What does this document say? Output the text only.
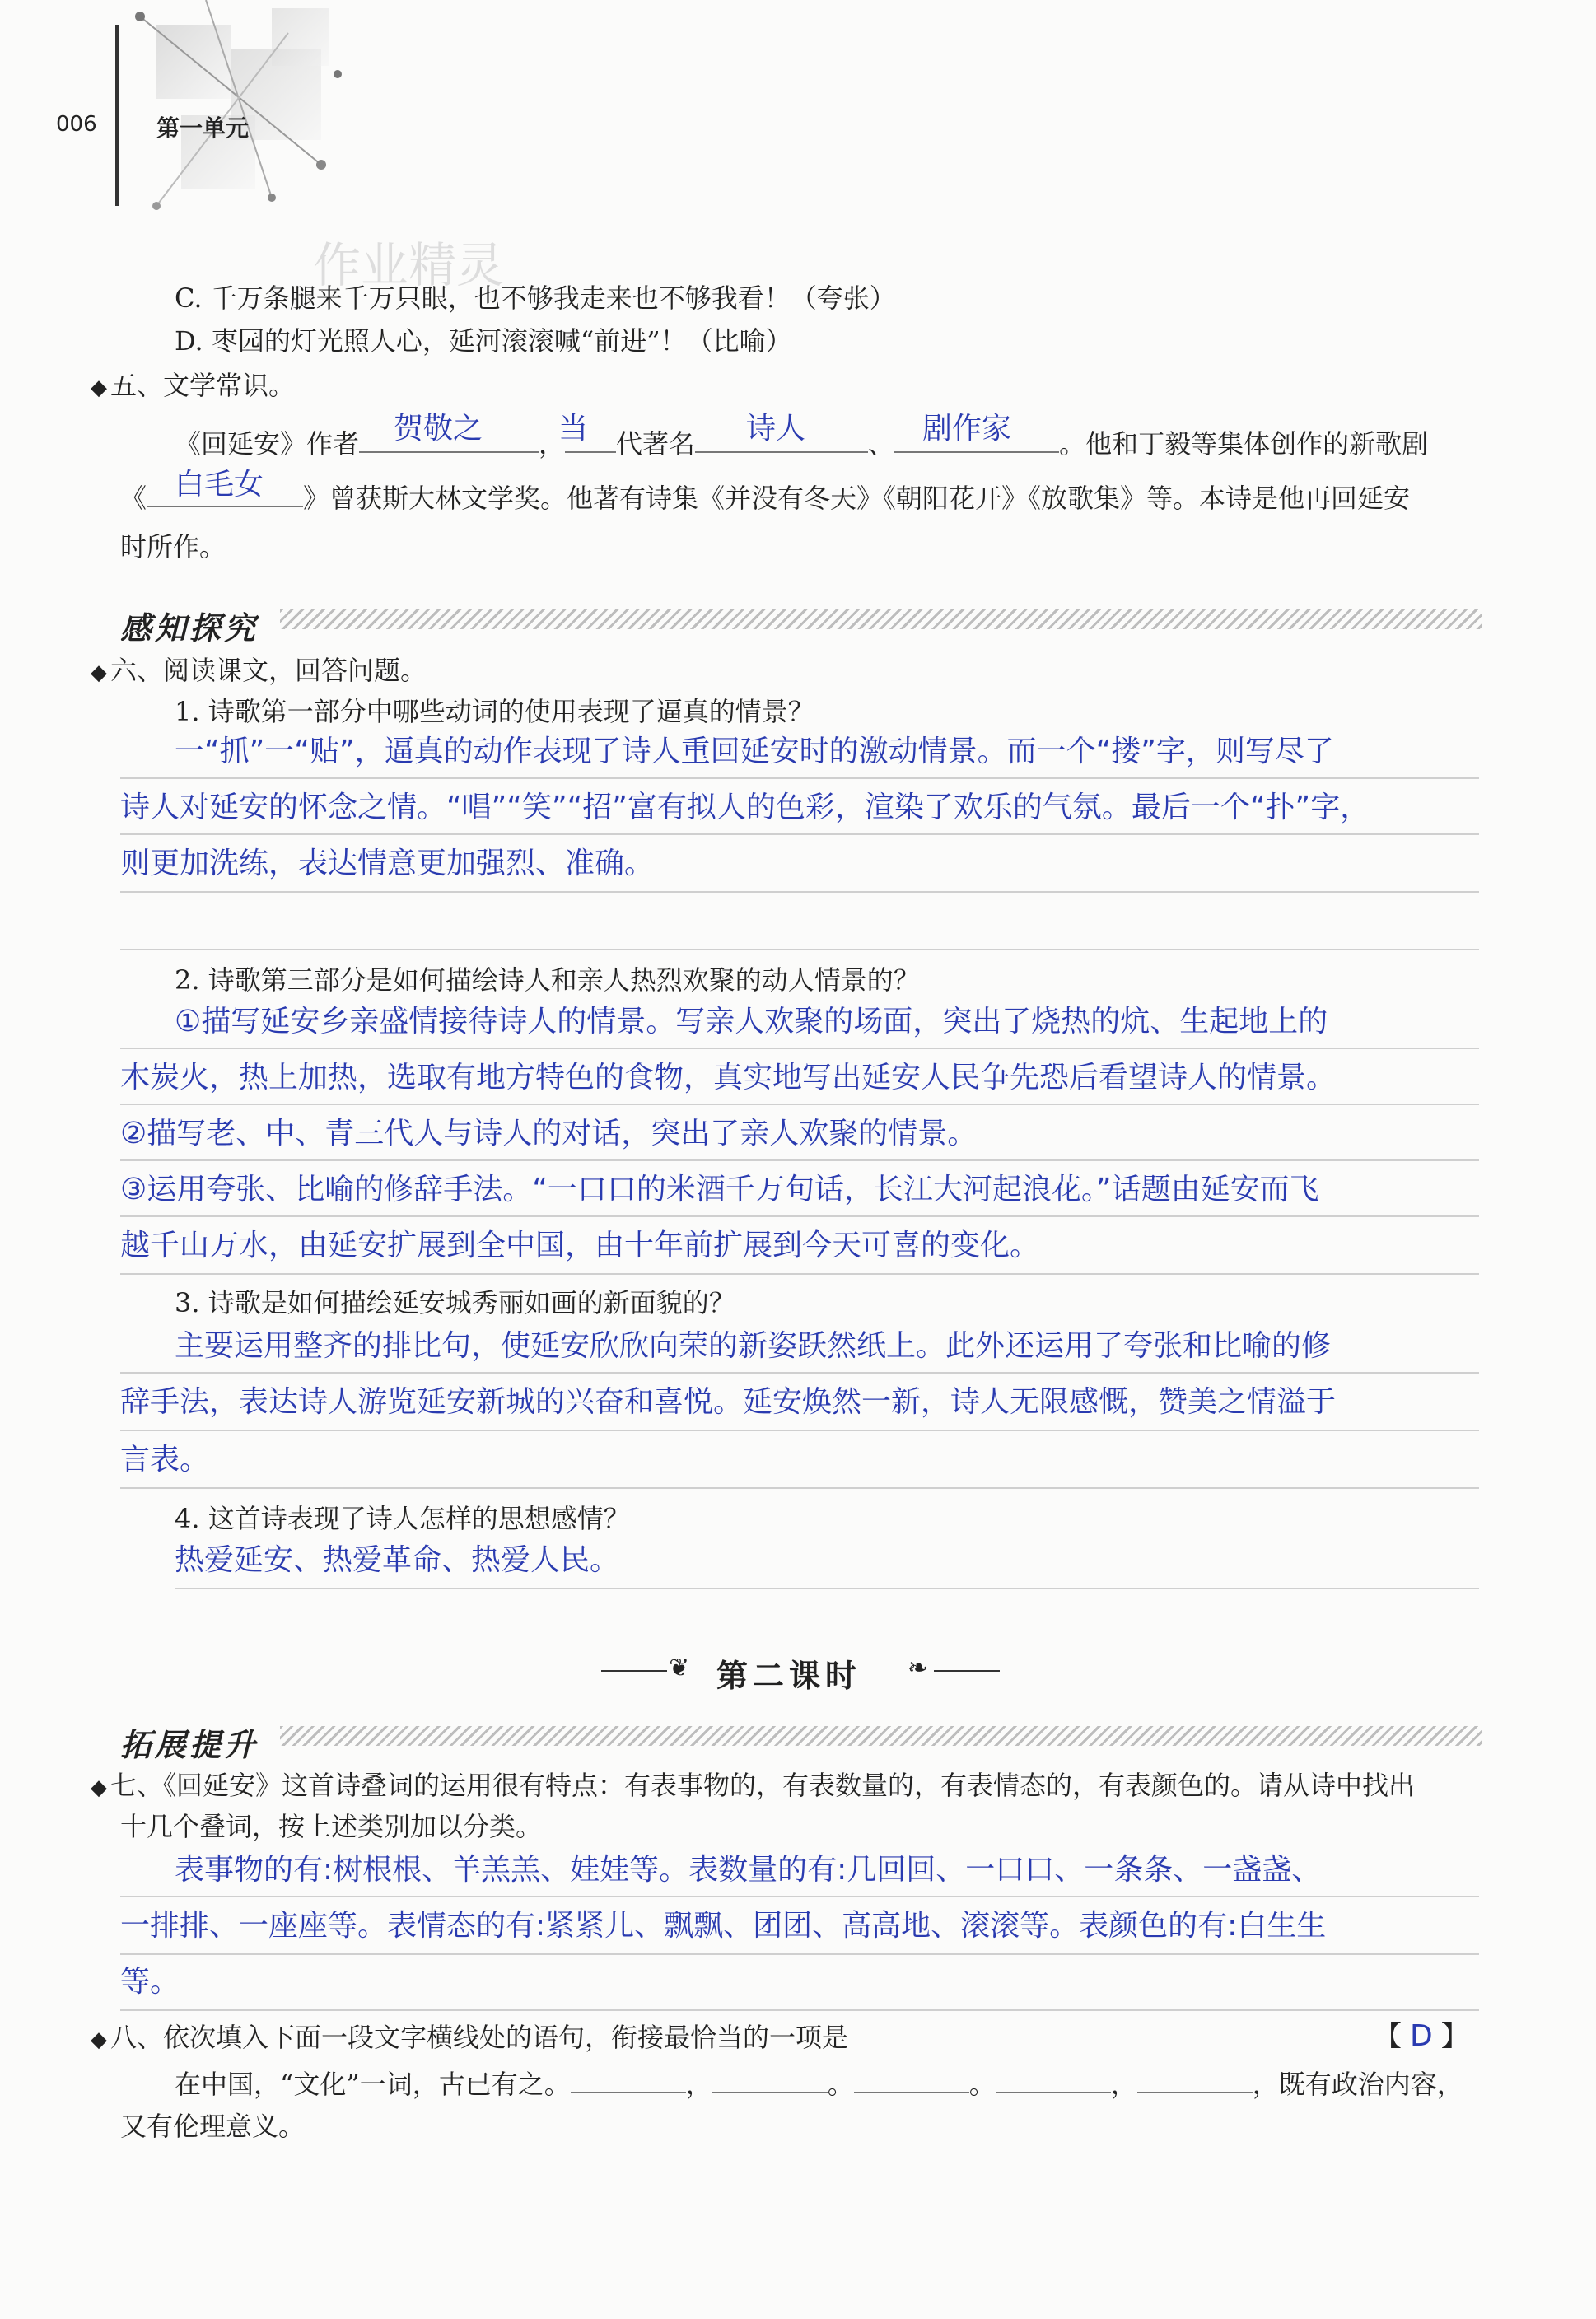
006	第一单元
作业精灵
C. 千万条腿来千万只眼，也不够我走来也不够我看！（夸张）
D. 枣园的灯光照人心，延河滚滚喊“前进”！（比喻）
◆ 五、文学常识。
《回延安》作者	， 代著名	、	。他和丁毅等集体创作的新歌剧
贺敬之	当	诗人	剧作家
《	》曾获斯大林文学奖。他著有诗集《并没有冬天》《朝阳花开》《放歌集》等。本诗是他再回延安
白毛女
时所作。
感知探究
◆ 六、阅读课文，回答问题。
1. 诗歌第一部分中哪些动词的使用表现了逼真的情景？
一“抓”一“贴”，逼真的动作表现了诗人重回延安时的激动情景。而一个“搂”字，则写尽了
诗人对延安的怀念之情。“唱”“笑”“招”富有拟人的色彩，渲染了欢乐的气氛。最后一个“扑”字，
则更加洗练，表达情意更加强烈、准确。
2. 诗歌第三部分是如何描绘诗人和亲人热烈欢聚的动人情景的？
①描写延安乡亲盛情接待诗人的情景。写亲人欢聚的场面，突出了烧热的炕、生起地上的
木炭火，热上加热，选取有地方特色的食物，真实地写出延安人民争先恐后看望诗人的情景。
②描写老、中、青三代人与诗人的对话，突出了亲人欢聚的情景。
③运用夸张、比喻的修辞手法。“一口口的米酒千万句话，长江大河起浪花。”话题由延安而飞
越千山万水，由延安扩展到全中国，由十年前扩展到今天可喜的变化。
3. 诗歌是如何描绘延安城秀丽如画的新面貌的？
主要运用整齐的排比句，使延安欣欣向荣的新姿跃然纸上。此外还运用了夸张和比喻的修
辞手法，表达诗人游览延安新城的兴奋和喜悦。延安焕然一新，诗人无限感慨，赞美之情溢于
言表。
4. 这首诗表现了诗人怎样的思想感情？
热爱延安、热爱革命、热爱人民。
❦ 第二课时 ❧
拓展提升
◆ 七、《回延安》这首诗叠词的运用很有特点：有表事物的，有表数量的，有表情态的，有表颜色的。请从诗中找出
十几个叠词，按上述类别加以分类。
表事物的有:树根根、羊羔羔、娃娃等。表数量的有:几回回、一口口、一条条、一盏盏、
一排排、一座座等。表情态的有:紧紧儿、飘飘、团团、高高地、滚滚等。表颜色的有:白生生
等。
◆ 八、依次填入下面一段文字横线处的语句，衔接最恰当的一项是	【 D 】
在中国，“文化”一词，古已有之。	，	。	。	，	，既有政治内容，
又有伦理意义。
